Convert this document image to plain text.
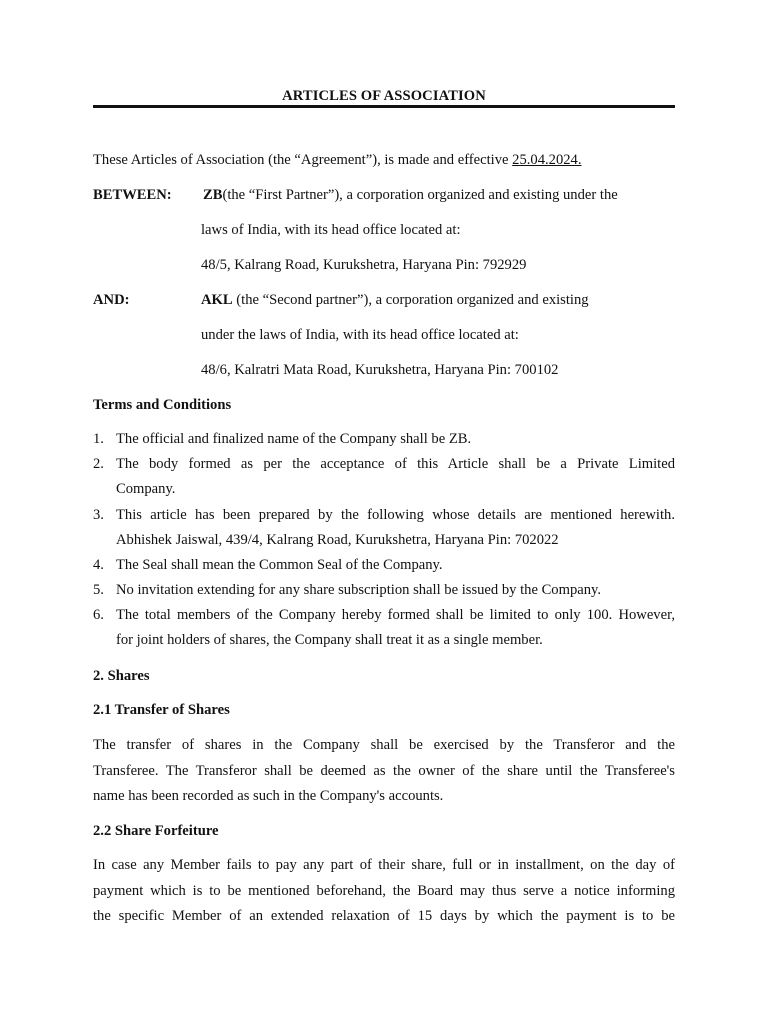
ARTICLES OF ASSOCIATION
These Articles of Association (the “Agreement”), is made and effective 25.04.2024.
BETWEEN: ZB(the “First Partner”), a corporation organized and existing under the
laws of India, with its head office located at:
48/5, Kalrang Road, Kurukshetra, Haryana Pin: 792929
AND:	AKL (the “Second partner”), a corporation organized and existing
under the laws of India, with its head office located at:
48/6, Kalratri Mata Road, Kurukshetra, Haryana Pin: 700102
Terms and Conditions
1. The official and finalized name of the Company shall be ZB.
2. The body formed as per the acceptance of this Article shall be a Private Limited
Company.
3. This article has been prepared by the following whose details are mentioned herewith.
Abhishek Jaiswal, 439/4, Kalrang Road, Kurukshetra, Haryana Pin: 702022
4. The Seal shall mean the Common Seal of the Company.
5. No invitation extending for any share subscription shall be issued by the Company.
6. The total members of the Company hereby formed shall be limited to only 100. However,
for joint holders of shares, the Company shall treat it as a single member.
2. Shares
2.1 Transfer of Shares
The transfer of shares in the Company shall be exercised by the Transferor and the
Transferee. The Transferor shall be deemed as the owner of the share until the Transferee's
name has been recorded as such in the Company's accounts.
2.2 Share Forfeiture
In case any Member fails to pay any part of their share, full or in installment, on the day of
payment which is to be mentioned beforehand, the Board may thus serve a notice informing
the specific Member of an extended relaxation of 15 days by which the payment is to be
